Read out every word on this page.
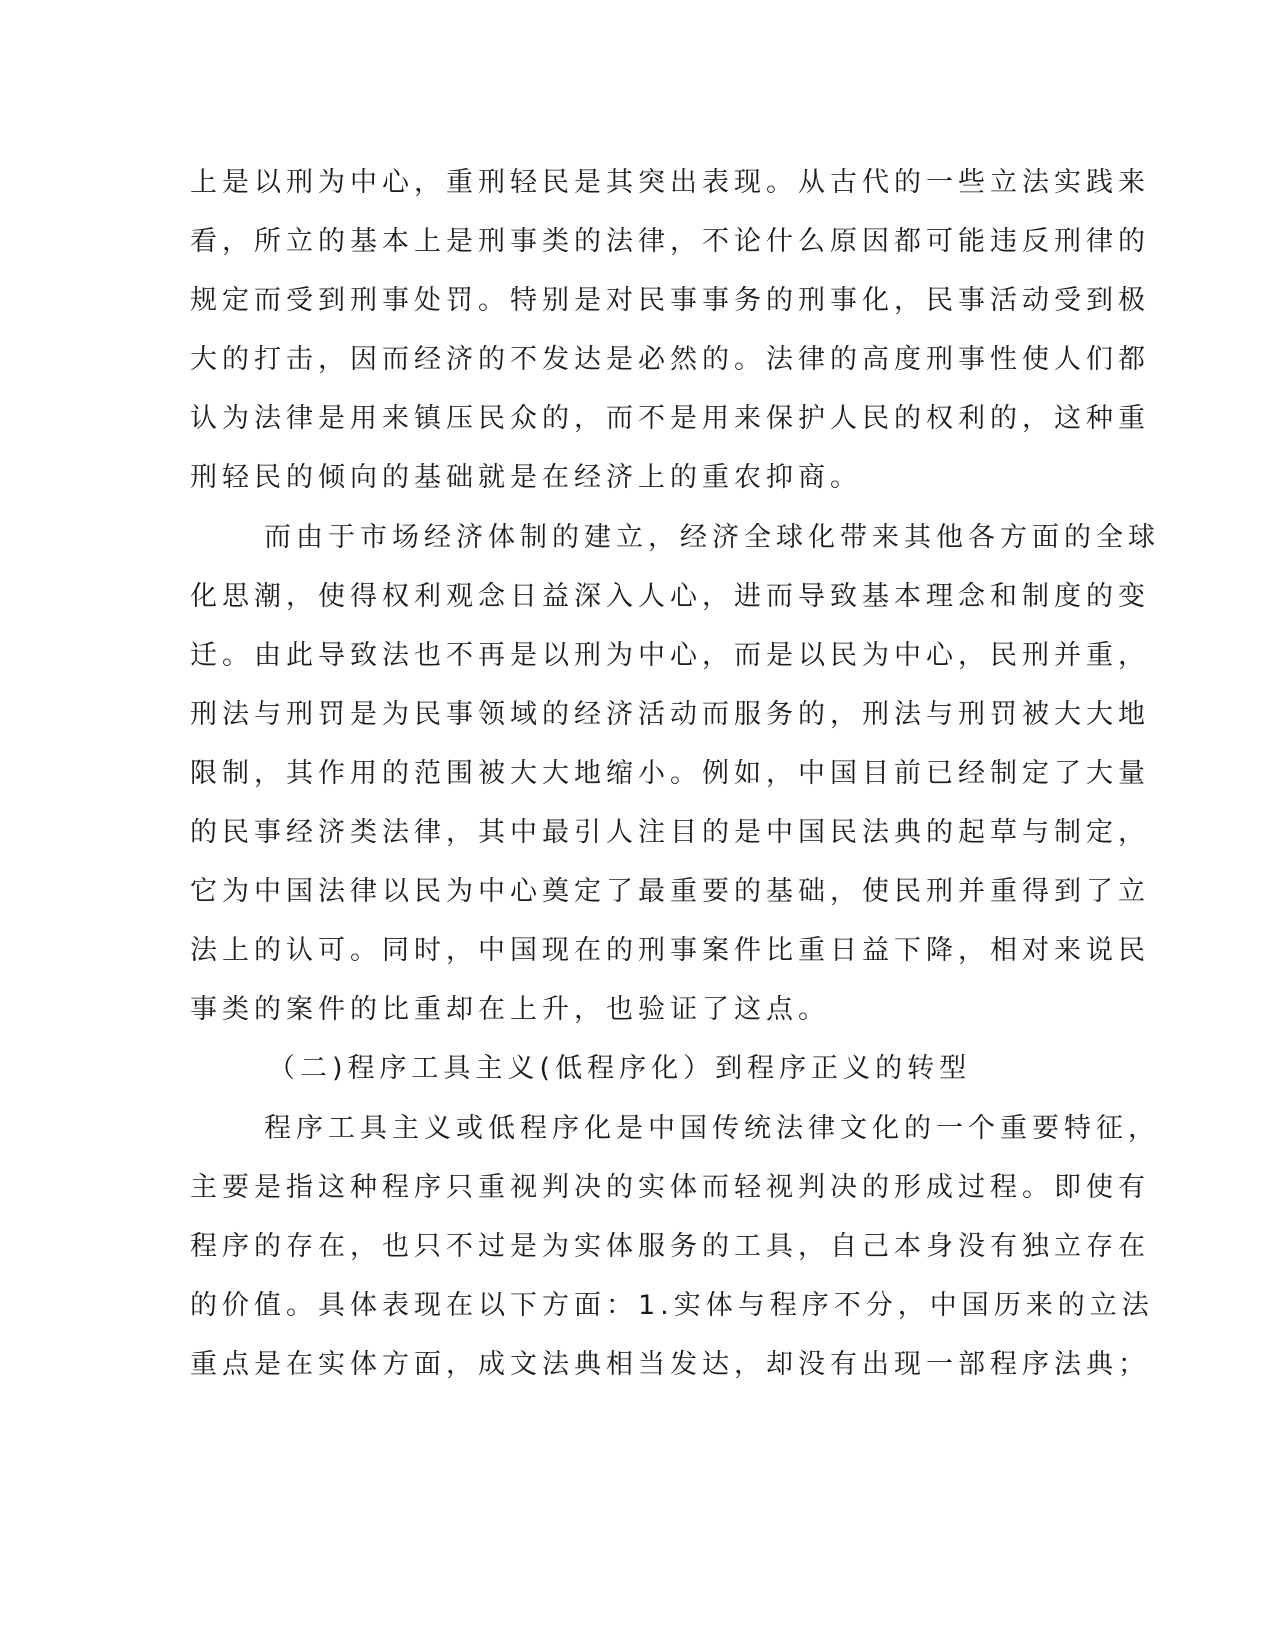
上是以刑为中心，重刑轻民是其突出表现。从古代的一些立法实践来
看，所立的基本上是刑事类的法律，不论什么原因都可能违反刑律的
规定而受到刑事处罚。特别是对民事事务的刑事化，民事活动受到极
大的打击，因而经济的不发达是必然的。法律的高度刑事性使人们都
认为法律是用来镇压民众的，而不是用来保护人民的权利的，这种重
刑轻民的倾向的基础就是在经济上的重农抑商。
而由于市场经济体制的建立，经济全球化带来其他各方面的全球
化思潮，使得权利观念日益深入人心，进而导致基本理念和制度的变
迁。由此导致法也不再是以刑为中心，而是以民为中心，民刑并重，
刑法与刑罚是为民事领域的经济活动而服务的，刑法与刑罚被大大地
限制，其作用的范围被大大地缩小。例如，中国目前已经制定了大量
的民事经济类法律，其中最引人注目的是中国民法典的起草与制定，
它为中国法律以民为中心奠定了最重要的基础，使民刑并重得到了立
法上的认可。同时，中国现在的刑事案件比重日益下降，相对来说民
事类的案件的比重却在上升，也验证了这点。
（二)程序工具主义(低程序化）到程序正义的转型
程序工具主义或低程序化是中国传统法律文化的一个重要特征，
主要是指这种程序只重视判决的实体而轻视判决的形成过程。即使有
程序的存在，也只不过是为实体服务的工具，自己本身没有独立存在
的价值。具体表现在以下方面：1.实体与程序不分，中国历来的立法
重点是在实体方面，成文法典相当发达，却没有出现一部程序法典；
